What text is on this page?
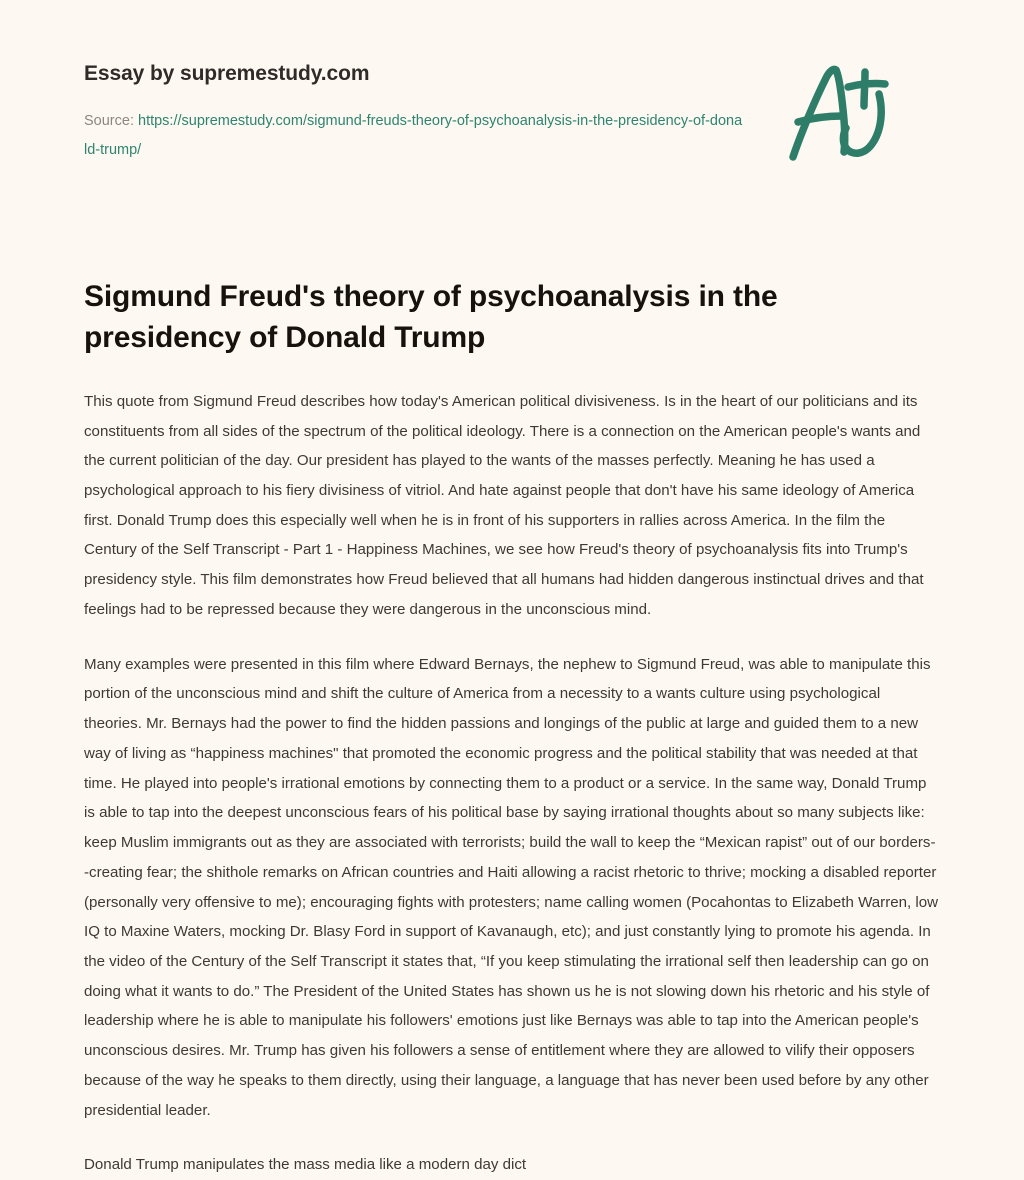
Essay by supremestudy.com
Source: https://supremestudy.com/sigmund-freuds-theory-of-psychoanalysis-in-the-presidency-of-donald-trump/
Sigmund Freud's theory of psychoanalysis in the presidency of Donald Trump

This quote from Sigmund Freud describes how today's American political divisiveness. Is in the heart of our politicians and its constituents from all sides of the spectrum of the political ideology. There is a connection on the American people's wants and the current politician of the day. Our president has played to the wants of the masses perfectly. Meaning he has used a psychological approach to his fiery divisiness of vitriol. And hate against people that don't have his same ideology of America first. Donald Trump does this especially well when he is in front of his supporters in rallies across America. In the film the Century of the Self Transcript - Part 1 - Happiness Machines, we see how Freud's theory of psychoanalysis fits into Trump's presidency style. This film demonstrates how Freud believed that all humans had hidden dangerous instinctual drives and that feelings had to be repressed because they were dangerous in the unconscious mind.

Many examples were presented in this film where Edward Bernays, the nephew to Sigmund Freud, was able to manipulate this portion of the unconscious mind and shift the culture of America from a necessity to a wants culture using psychological theories. Mr. Bernays had the power to find the hidden passions and longings of the public at large and guided them to a new way of living as “happiness machines" that promoted the economic progress and the political stability that was needed at that time. He played into people's irrational emotions by connecting them to a product or a service. In the same way, Donald Trump is able to tap into the deepest unconscious fears of his political base by saying irrational thoughts about so many subjects like: keep Muslim immigrants out as they are associated with terrorists; build the wall to keep the “Mexican rapist” out of our borders--creating fear; the shithole remarks on African countries and Haiti allowing a racist rhetoric to thrive; mocking a disabled reporter (personally very offensive to me); encouraging fights with protesters; name calling women (Pocahontas to Elizabeth Warren, low IQ to Maxine Waters, mocking Dr. Blasy Ford in support of Kavanaugh, etc); and just constantly lying to promote his agenda. In the video of the Century of the Self Transcript it states that, “If you keep stimulating the irrational self then leadership can go on doing what it wants to do.” The President of the United States has shown us he is not slowing down his rhetoric and his style of leadership where he is able to manipulate his followers' emotions just like Bernays was able to tap into the American people's unconscious desires. Mr. Trump has given his followers a sense of entitlement where they are allowed to vilify their opposers because of the way he speaks to them directly, using their language, a language that has never been used before by any other presidential leader.

Donald Trump manipulates the mass media like a modern day dict
